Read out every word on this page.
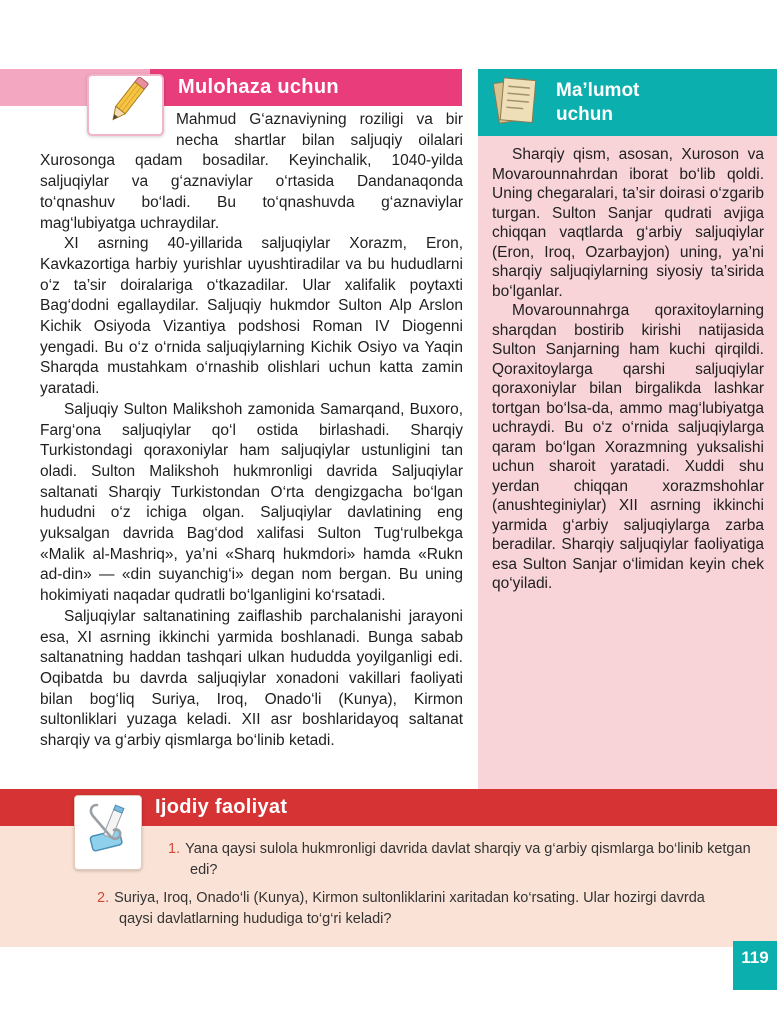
Mulohaza uchun

Mahmud G‘aznaviyning roziligi va bir necha shartlar bilan saljuqiy oilalari Xurosonga qadam bosadilar. Keyinchalik, 1040-yilda saljuqiylar va g‘aznaviylar o‘rtasida Dandanaqonda to‘qnashuv bo‘ladi. Bu to‘qnashuvda g‘aznaviylar mag‘lubiyatga uchraydilar.

XI asrning 40-yillarida saljuqiylar Xorazm, Eron, Kavkazortiga harbiy yurishlar uyushtiradilar va bu hududlarni o‘z ta’sir doiralariga o‘tkazadilar. Ular xalifalik poytaxti Bag‘dodni egallaydilar. Saljuqiy hukmdor Sulton Alp Arslon Kichik Osiyoda Vizantiya podshosi Roman IV Diogenni yengadi. Bu o‘z o‘rnida saljuqiylarning Kichik Osiyo va Yaqin Sharqda mustahkam o‘rnashib olishlari uchun katta zamin yaratadi.

Saljuqiy Sulton Malikshoh zamonida Samarqand, Buxoro, Farg‘ona saljuqiylar qo‘l ostida birlashadi. Sharqiy Turkistondagi qoraxoniylar ham saljuqiylar ustunligini tan oladi. Sulton Malikshoh hukmronligi davrida Saljuqiylar saltanati Sharqiy Turkistondan O‘rta dengizgacha bo‘lgan hududni o‘z ichiga olgan. Saljuqiylar davlatining eng yuksalgan davrida Bag‘dod xalifasi Sulton Tug‘rulbekga «Malik al-Mashriq», ya’ni «Sharq hukmdori» hamda «Rukn ad-din» — «din suyanchig‘i» degan nom bergan. Bu uning hokimiyati naqadar qudratli bo‘lganligini ko‘rsatadi.

Saljuqiylar saltanatining zaiflashib parchalanishi jarayoni esa, XI asrning ikkinchi yarmida boshlanadi. Bunga sabab saltanatning haddan tashqari ulkan hududda yoyilganligi edi. Oqibatda bu davrda saljuqiylar xonadoni vakillari faoliyati bilan bog‘liq Suriya, Iroq, Onado‘li (Kunya), Kirmon sultonliklari yuzaga keladi. XII asr boshlaridayoq saltanat sharqiy va g‘arbiy qismlarga bo‘linib ketadi.

Ma’lumot uchun

Sharqiy qism, asosan, Xuroson va Movarounnahrdan iborat bo‘lib qoldi. Uning chegaralari, ta’sir doirasi o‘zgarib turgan. Sulton Sanjar qudrati avjiga chiqqan vaqtlarda g‘arbiy saljuqiylar (Eron, Iroq, Ozarbayjon) uning, ya’ni sharqiy saljuqiylarning siyosiy ta’sirida bo‘lganlar.

Movarounnahrga qoraxitoylarning sharqdan bostirib kirishi natijasida Sulton Sanjarning ham kuchi qirqildi. Qoraxitoylarga qarshi saljuqiylar qoraxoniylar bilan birgalikda lashkar tortgan bo‘lsa-da, ammo mag‘lubiyatga uchraydi. Bu o‘z o‘rnida saljuqiylarga qaram bo‘lgan Xorazmning yuksalishi uchun sharoit yaratadi. Xuddi shu yerdan chiqqan xorazmshohlar (anushteginiylar) XII asrning ikkinchi yarmida g‘arbiy saljuqiylarga zarba beradilar. Sharqiy saljuqiylar faoliyatiga esa Sulton Sanjar o‘limidan keyin chek qo‘yiladi.

Ijodiy faoliyat
1. Yana qaysi sulola hukmronligi davrida davlat sharqiy va g‘arbiy qismlarga bo‘linib ketgan edi?
2. Suriya, Iroq, Onado‘li (Kunya), Kirmon sultonliklarini xaritadan ko‘rsating. Ular hozirgi davrda qaysi davlatlarning hududiga to‘g‘ri keladi?
119
